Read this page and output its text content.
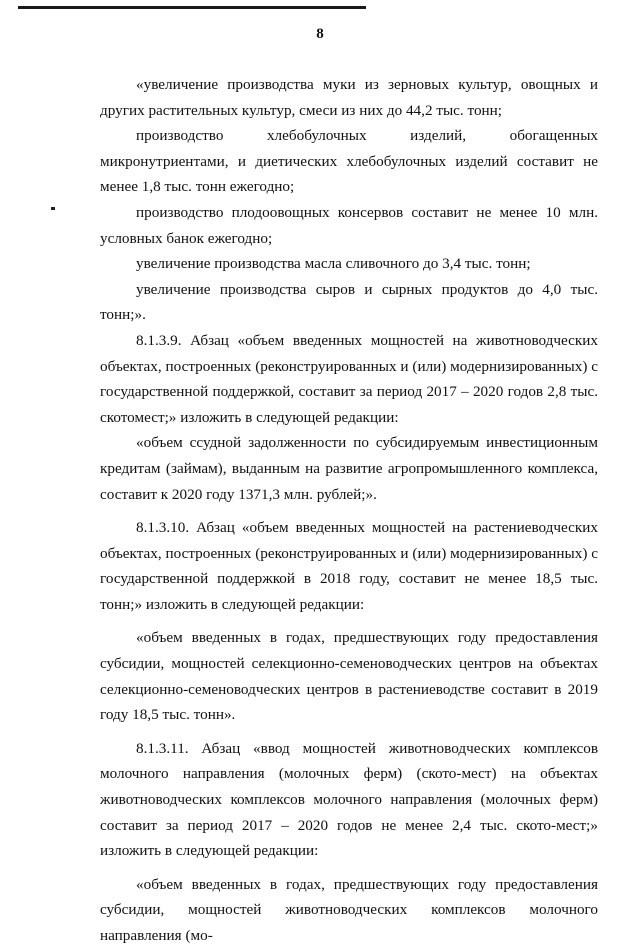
8

«увеличение производства муки из зерновых культур, овощных и других растительных культур, смеси из них до 44,2 тыс. тонн;

производство хлебобулочных изделий, обогащенных микронутриентами, и диетических хлебобулочных изделий составит не менее 1,8 тыс. тонн ежегодно;

производство плодоовощных консервов составит не менее 10 млн. условных банок ежегодно;

увеличение производства масла сливочного до 3,4 тыс. тонн;

увеличение производства сыров и сырных продуктов до 4,0 тыс. тонн;».

8.1.3.9. Абзац «объем введенных мощностей на животноводческих объектах, построенных (реконструированных и (или) модернизированных) с государственной поддержкой, составит за период 2017 – 2020 годов 2,8 тыс. скотомест;» изложить в следующей редакции:

«объем ссудной задолженности по субсидируемым инвестиционным кредитам (займам), выданным на развитие агропромышленного комплекса, составит к 2020 году 1371,3 млн. рублей;».

8.1.3.10. Абзац «объем введенных мощностей на растениеводческих объектах, построенных (реконструированных и (или) модернизированных) с государственной поддержкой в 2018 году, составит не менее 18,5 тыс. тонн;» изложить в следующей редакции:

«объем введенных в годах, предшествующих году предоставления субсидии, мощностей селекционно-семеноводческих центров на объектах селекционно-семеноводческих центров в растениеводстве составит в 2019 году 18,5 тыс. тонн».

8.1.3.11. Абзац «ввод мощностей животноводческих комплексов молочного направления (молочных ферм) (ското-мест) на объектах животноводческих комплексов молочного направления (молочных ферм) составит за период 2017 – 2020 годов не менее 2,4 тыс. ското-мест;» изложить в следующей редакции:

«объем введенных в годах, предшествующих году предоставления субсидии, мощностей животноводческих комплексов молочного направления (мо-
